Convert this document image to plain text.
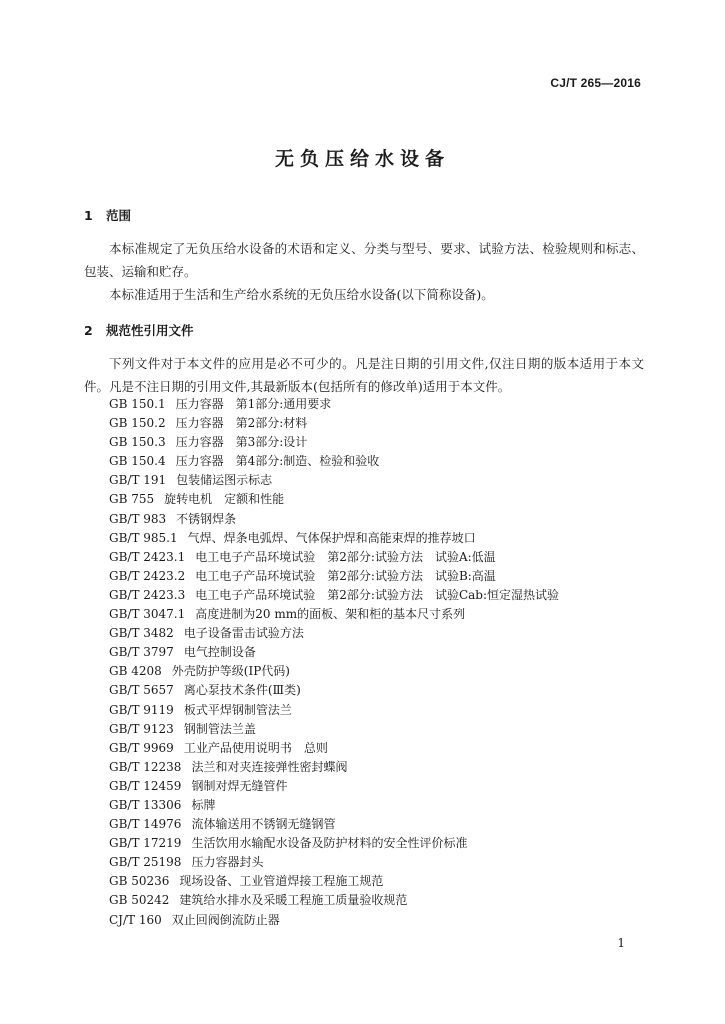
CJ/T 265—2016
无负压给水设备
1 范围

本标准规定了无负压给水设备的术语和定义、分类与型号、要求、试验方法、检验规则和标志、包装、运输和贮存。

本标准适用于生活和生产给水系统的无负压给水设备(以下简称设备)。

2 规范性引用文件

下列文件对于本文件的应用是必不可少的。凡是注日期的引用文件,仅注日期的版本适用于本文件。凡是不注日期的引用文件,其最新版本(包括所有的修改单)适用于本文件。

GB 150.1 压力容器　第1部分:通用要求
GB 150.2 压力容器　第2部分:材料
GB 150.3 压力容器　第3部分:设计
GB 150.4 压力容器　第4部分:制造、检验和验收
GB/T 191 包装储运图示标志
GB 755 旋转电机　定额和性能
GB/T 983 不锈钢焊条
GB/T 985.1 气焊、焊条电弧焊、气体保护焊和高能束焊的推荐坡口
GB/T 2423.1 电工电子产品环境试验　第2部分:试验方法　试验A:低温
GB/T 2423.2 电工电子产品环境试验　第2部分:试验方法　试验B:高温
GB/T 2423.3 电工电子产品环境试验　第2部分:试验方法　试验Cab:恒定湿热试验
GB/T 3047.1 高度进制为20 mm的面板、架和柜的基本尺寸系列
GB/T 3482 电子设备雷击试验方法
GB/T 3797 电气控制设备
GB 4208 外壳防护等级(IP代码)
GB/T 5657 离心泵技术条件(Ⅲ类)
GB/T 9119 板式平焊钢制管法兰
GB/T 9123 钢制管法兰盖
GB/T 9969 工业产品使用说明书　总则
GB/T 12238 法兰和对夹连接弹性密封蝶阀
GB/T 12459 钢制对焊无缝管件
GB/T 13306 标牌
GB/T 14976 流体输送用不锈钢无缝钢管
GB/T 17219 生活饮用水输配水设备及防护材料的安全性评价标准
GB/T 25198 压力容器封头
GB 50236 现场设备、工业管道焊接工程施工规范
GB 50242 建筑给水排水及采暖工程施工质量验收规范
CJ/T 160 双止回阀倒流防止器
1
